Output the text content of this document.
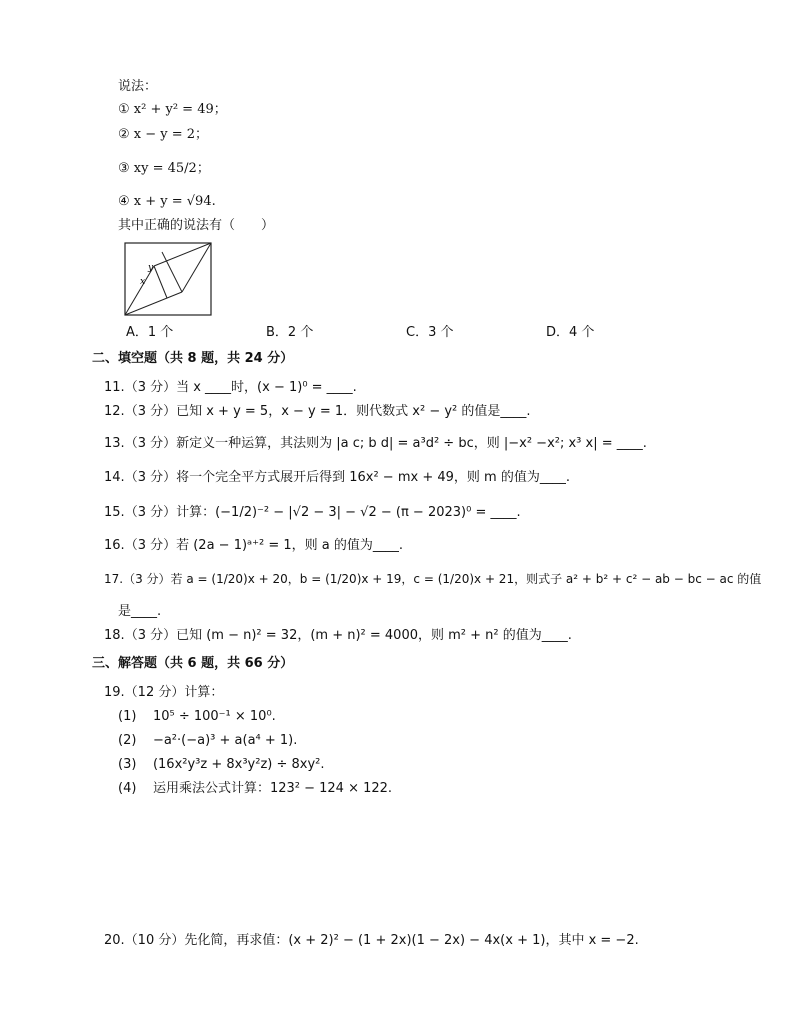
说法：
① x² + y² = 49；
② x − y = 2；
③ xy = 45/2；
④ x + y = √94.
其中正确的说法有（　　）
y
x
A．1 个	B．2 个	C．3 个	D．4 个
二、填空题（共 8 题，共 24 分）
11.（3 分）当 x ____时，(x − 1)⁰ = ____.
12.（3 分）已知 x + y = 5，x − y = 1．则代数式 x² − y² 的值是____.
13.（3 分）新定义一种运算，其法则为 |a c; b d| = a³d² ÷ bc，则 |−x² −x²; x³ x| = ____.
14.（3 分）将一个完全平方式展开后得到 16x² − mx + 49，则 m 的值为____.
15.（3 分）计算：(−1/2)⁻² − |√2 − 3| − √2 − (π − 2023)⁰ = ____.
16.（3 分）若 (2a − 1)ᵃ⁺² = 1，则 a 的值为____.
17.（3 分）若 a = (1/20)x + 20，b = (1/20)x + 19，c = (1/20)x + 21，则式子 a² + b² + c² − ab − bc − ac 的值
是____.
18.（3 分）已知 (m − n)² = 32，(m + n)² = 4000，则 m² + n² 的值为____.
三、解答题（共 6 题，共 66 分）
19.（12 分）计算：
(1) 10⁵ ÷ 100⁻¹ × 10⁰.
(2) −a²·(−a)³ + a(a⁴ + 1).
(3) (16x²y³z + 8x³y²z) ÷ 8xy².
(4) 运用乘法公式计算：123² − 124 × 122.
20.（10 分）先化简，再求值：(x + 2)² − (1 + 2x)(1 − 2x) − 4x(x + 1)，其中 x = −2.
